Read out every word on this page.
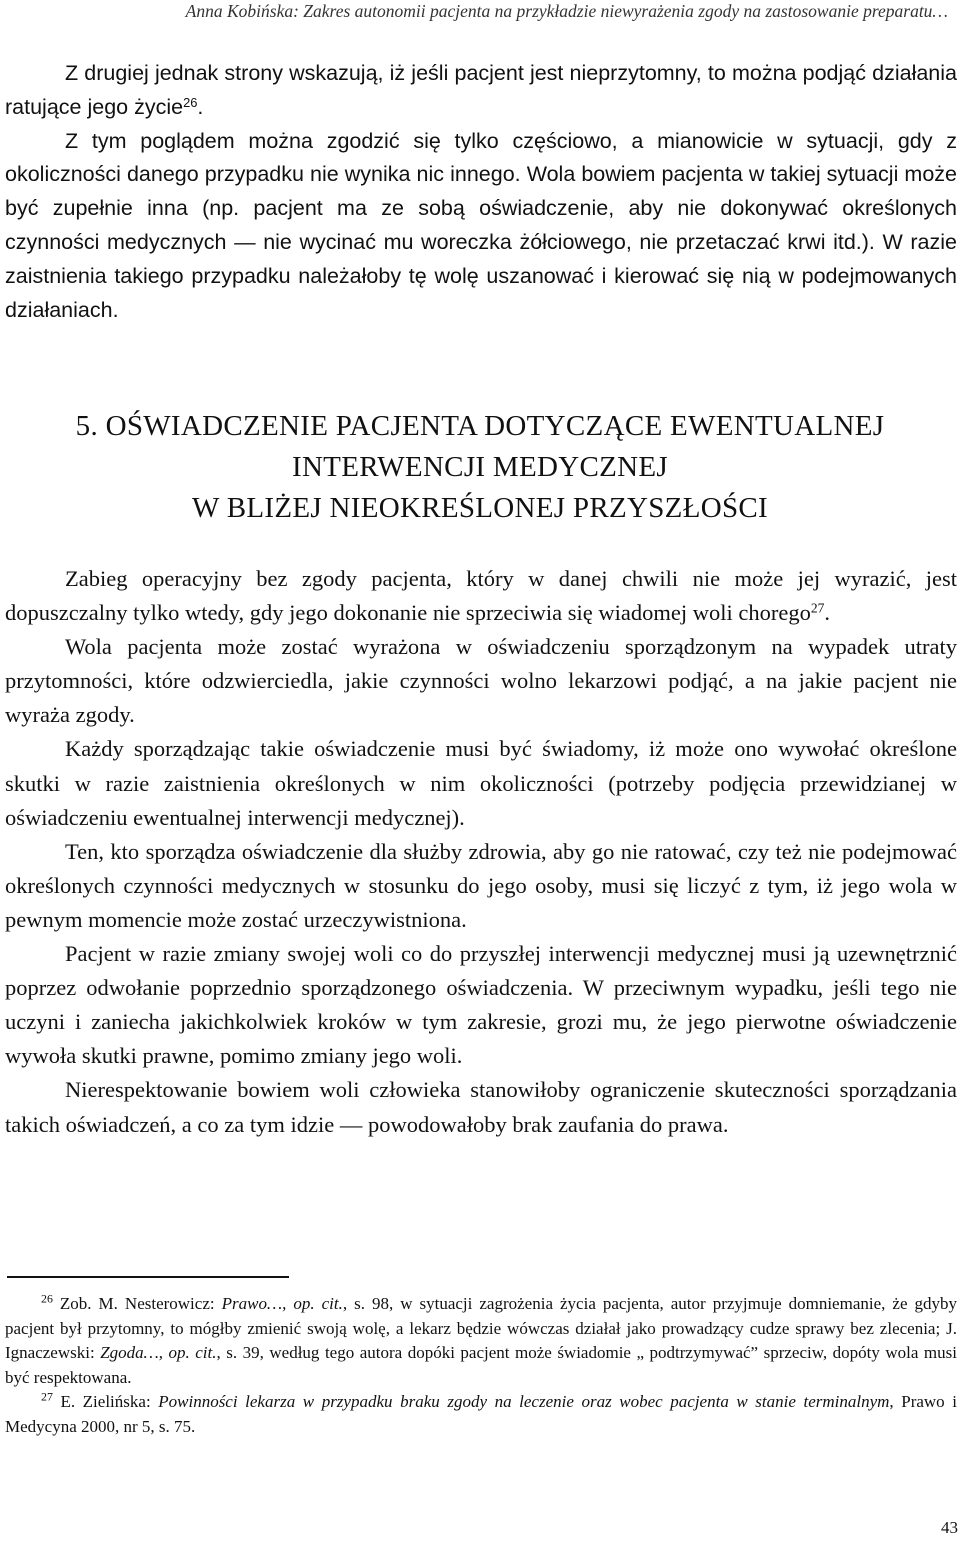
Anna Kobińska: Zakres autonomii pacjenta na przykładzie niewyrażenia zgody na zastosowanie preparatu…

Z drugiej jednak strony wskazują, iż jeśli pacjent jest nieprzytomny, to można podjąć działania ratujące jego życie$^{26}$.

Z tym poglądem można zgodzić się tylko częściowo, a mianowicie w sytuacji, gdy z okoliczności danego przypadku nie wynika nic innego. Wola bowiem pacjenta w takiej sytuacji może być zupełnie inna (np. pacjent ma ze sobą oświadczenie, aby nie dokonywać określonych czynności medycznych — nie wycinać mu woreczka żółciowego, nie przetaczać krwi itd.). W razie zaistnienia takiego przypadku należałoby tę wolę uszanować i kierować się nią w podejmowanych działaniach.

5. OŚWIADCZENIE PACJENTA DOTYCZĄCE EWENTUALNEJ
INTERWENCJI MEDYCZNEJ
W BLIŻEJ NIEOKREŚLONEJ PRZYSZŁOŚCI

Zabieg operacyjny bez zgody pacjenta, który w danej chwili nie może jej wyrazić, jest dopuszczalny tylko wtedy, gdy jego dokonanie nie sprzeciwia się wiadomej woli chorego$^{27}$.

Wola pacjenta może zostać wyrażona w oświadczeniu sporządzonym na wypadek utraty przytomności, które odzwierciedla, jakie czynności wolno lekarzowi podjąć, a na jakie pacjent nie wyraża zgody.

Każdy sporządzając takie oświadczenie musi być świadomy, iż może ono wywołać określone skutki w razie zaistnienia określonych w nim okoliczności (potrzeby podjęcia przewidzianej w oświadczeniu ewentualnej interwencji medycznej).

Ten, kto sporządza oświadczenie dla służby zdrowia, aby go nie ratować, czy też nie podejmować określonych czynności medycznych w stosunku do jego osoby, musi się liczyć z tym, iż jego wola w pewnym momencie może zostać urzeczywistniona.

Pacjent w razie zmiany swojej woli co do przyszłej interwencji medycznej musi ją uzewnętrznić poprzez odwołanie poprzednio sporządzonego oświadczenia. W przeciwnym wypadku, jeśli tego nie uczyni i zaniecha jakichkolwiek kroków w tym zakresie, grozi mu, że jego pierwotne oświadczenie wywoła skutki prawne, pomimo zmiany jego woli.

Nierespektowanie bowiem woli człowieka stanowiłoby ograniczenie skuteczności sporządzania takich oświadczeń, a co za tym idzie — powodowałoby brak zaufania do prawa.

$^{26}$ Zob. M. Nesterowicz: Prawo…, op. cit., s. 98, w sytuacji zagrożenia życia pacjenta, autor przyjmuje domniemanie, że gdyby pacjent był przytomny, to mógłby zmienić swoją wolę, a lekarz będzie wówczas działał jako prowadzący cudze sprawy bez zlecenia; J. Ignaczewski: Zgoda…, op. cit., s. 39, według tego autora dopóki pacjent może świadomie „ podtrzymywać” sprzeciw, dopóty wola musi być respektowana.

$^{27}$ E. Zielińska: Powinności lekarza w przypadku braku zgody na leczenie oraz wobec pacjenta w stanie terminalnym, Prawo i Medycyna 2000, nr 5, s. 75.

43
